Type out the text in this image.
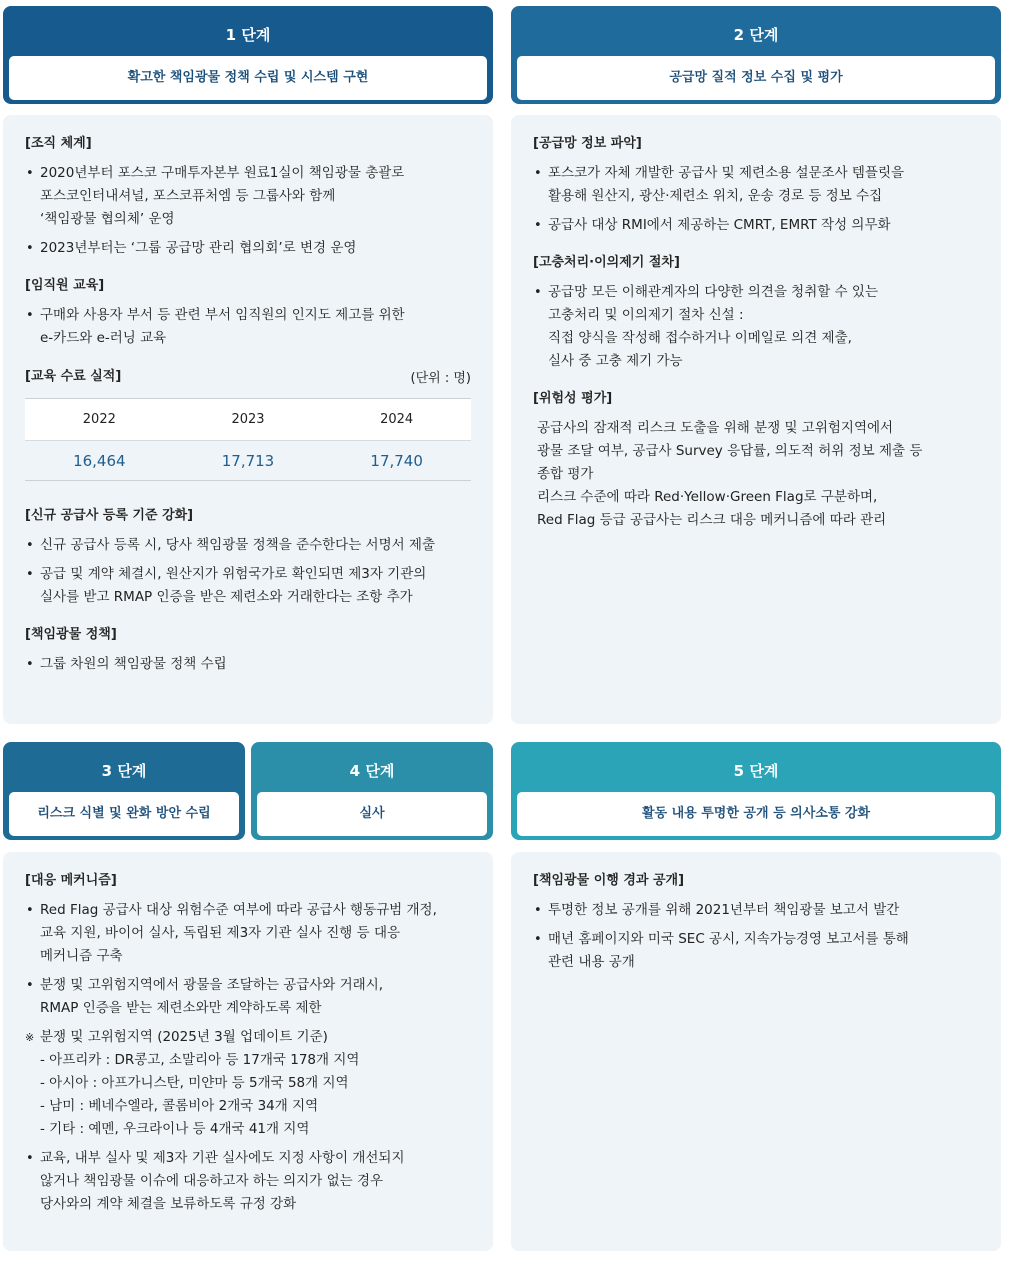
1 단계
확고한 책임광물 정책 수립 및 시스템 구현
2 단계
공급망 질적 정보 수집 및 평가
3 단계
리스크 식별 및 완화 방안 수립
4 단계
실사
5 단계
활동 내용 투명한 공개 등 의사소통 강화
[조직 체계]
• 2020년부터 포스코 구매투자본부 원료1실이 책임광물 총괄로
포스코인터내셔널, 포스코퓨처엠 등 그룹사와 함께
‘책임광물 협의체’ 운영
• 2023년부터는 ‘그룹 공급망 관리 협의회’로 변경 운영
[임직원 교육]
• 구매와 사용자 부서 등 관련 부서 임직원의 인지도 제고를 위한
e-카드와 e-러닝 교육
[교육 수료 실적]	(단위 : 명)
2022	2023	2024
16,464	17,713	17,740
[신규 공급사 등록 기준 강화]
• 신규 공급사 등록 시, 당사 책임광물 정책을 준수한다는 서명서 제출
• 공급 및 계약 체결시, 원산지가 위험국가로 확인되면 제3자 기관의
실사를 받고 RMAP 인증을 받은 제련소와 거래한다는 조항 추가
[책임광물 정책]
• 그룹 차원의 책임광물 정책 수립
[공급망 정보 파악]
• 포스코가 자체 개발한 공급사 및 제련소용 설문조사 템플릿을
활용해 원산지, 광산·제련소 위치, 운송 경로 등 정보 수집
• 공급사 대상 RMI에서 제공하는 CMRT, EMRT 작성 의무화
[고충처리·이의제기 절차]
• 공급망 모든 이해관계자의 다양한 의견을 청취할 수 있는
고충처리 및 이의제기 절차 신설 :
직접 양식을 작성해 접수하거나 이메일로 의견 제출,
실사 중 고충 제기 가능
[위험성 평가]
공급사의 잠재적 리스크 도출을 위해 분쟁 및 고위험지역에서
광물 조달 여부, 공급사 Survey 응답률, 의도적 허위 정보 제출 등
종합 평가
리스크 수준에 따라 Red·Yellow·Green Flag로 구분하며,
Red Flag 등급 공급사는 리스크 대응 메커니즘에 따라 관리
[대응 메커니즘]
• Red Flag 공급사 대상 위험수준 여부에 따라 공급사 행동규범 개정,
교육 지원, 바이어 실사, 독립된 제3자 기관 실사 진행 등 대응
메커니즘 구축
• 분쟁 및 고위험지역에서 광물을 조달하는 공급사와 거래시,
RMAP 인증을 받는 제련소와만 계약하도록 제한
※ 분쟁 및 고위험지역 (2025년 3월 업데이트 기준)
- 아프리카 : DR콩고, 소말리아 등 17개국 178개 지역
- 아시아 : 아프가니스탄, 미얀마 등 5개국 58개 지역
- 남미 : 베네수엘라, 콜롬비아 2개국 34개 지역
- 기타 : 예멘, 우크라이나 등 4개국 41개 지역
• 교육, 내부 실사 및 제3자 기관 실사에도 지정 사항이 개선되지
않거나 책임광물 이슈에 대응하고자 하는 의지가 없는 경우
당사와의 계약 체결을 보류하도록 규정 강화
[책임광물 이행 경과 공개]
• 투명한 정보 공개를 위해 2021년부터 책임광물 보고서 발간
• 매년 홈페이지와 미국 SEC 공시, 지속가능경영 보고서를 통해
관련 내용 공개
